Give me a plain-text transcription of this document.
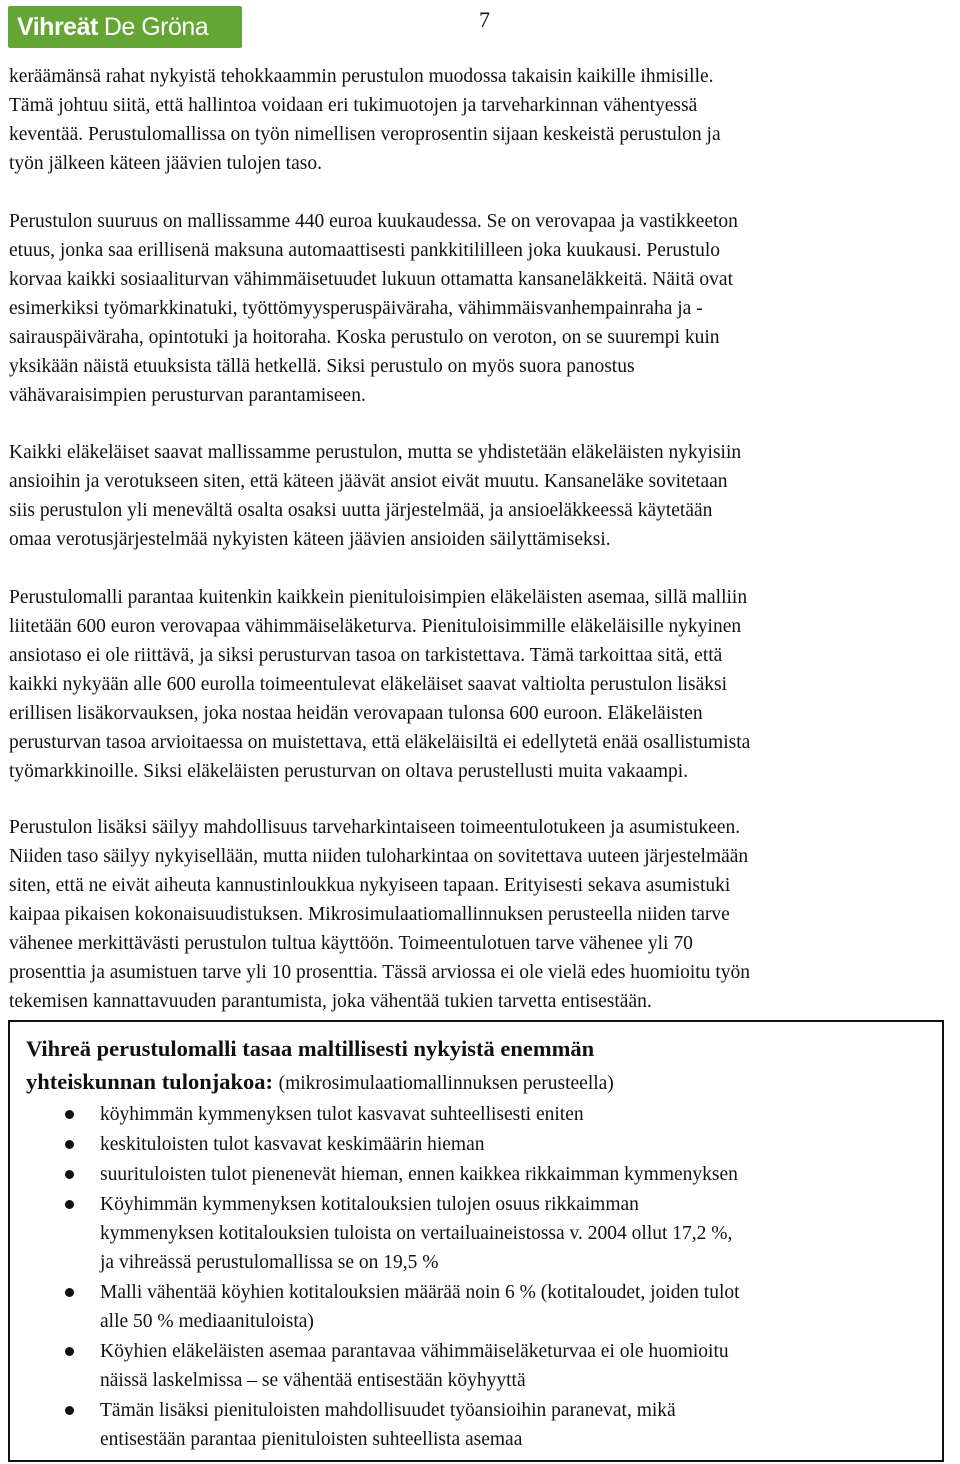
Vihreät De Gröna	7

keräämänsä rahat nykyistä tehokkaammin perustulon muodossa takaisin kaikille ihmisille.
Tämä johtuu siitä, että hallintoa voidaan eri tukimuotojen ja tarveharkinnan vähentyessä
keventää. Perustulomallissa on työn nimellisen veroprosentin sijaan keskeistä perustulon ja
työn jälkeen käteen jäävien tulojen taso.

Perustulon suuruus on mallissamme 440 euroa kuukaudessa. Se on verovapaa ja vastikkeeton
etuus, jonka saa erillisenä maksuna automaattisesti pankkitililleen joka kuukausi. Perustulo
korvaa kaikki sosiaaliturvan vähimmäisetuudet lukuun ottamatta kansaneläkkeitä. Näitä ovat
esimerkiksi työmarkkinatuki, työttömyysperuspäiväraha, vähimmäisvanhempainraha ja -
sairauspäiväraha, opintotuki ja hoitoraha. Koska perustulo on veroton, on se suurempi kuin
yksikään näistä etuuksista tällä hetkellä. Siksi perustulo on myös suora panostus
vähävaraisimpien perusturvan parantamiseen.

Kaikki eläkeläiset saavat mallissamme perustulon, mutta se yhdistetään eläkeläisten nykyisiin
ansioihin ja verotukseen siten, että käteen jäävät ansiot eivät muutu. Kansaneläke sovitetaan
siis perustulon yli menevältä osalta osaksi uutta järjestelmää, ja ansioeläkkeessä käytetään
omaa verotusjärjestelmää nykyisten käteen jäävien ansioiden säilyttämiseksi.

Perustulomalli parantaa kuitenkin kaikkein pienituloisimpien eläkeläisten asemaa, sillä malliin
liitetään 600 euron verovapaa vähimmäiseläketurva. Pienituloisimmille eläkeläisille nykyinen
ansiotaso ei ole riittävä, ja siksi perusturvan tasoa on tarkistettava. Tämä tarkoittaa sitä, että
kaikki nykyään alle 600 eurolla toimeentulevat eläkeläiset saavat valtiolta perustulon lisäksi
erillisen lisäkorvauksen, joka nostaa heidän verovapaan tulonsa 600 euroon. Eläkeläisten
perusturvan tasoa arvioitaessa on muistettava, että eläkeläisiltä ei edellytetä enää osallistumista
työmarkkinoille. Siksi eläkeläisten perusturvan on oltava perustellusti muita vakaampi.

Perustulon lisäksi säilyy mahdollisuus tarveharkintaiseen toimeentulotukeen ja asumistukeen.
Niiden taso säilyy nykyisellään, mutta niiden tuloharkintaa on sovitettava uuteen järjestelmään
siten, että ne eivät aiheuta kannustinloukkua nykyiseen tapaan. Erityisesti sekava asumistuki
kaipaa pikaisen kokonaisuudistuksen. Mikrosimulaatiomallinnuksen perusteella niiden tarve
vähenee merkittävästi perustulon tultua käyttöön. Toimeentulotuen tarve vähenee yli 70
prosenttia ja asumistuen tarve yli 10 prosenttia. Tässä arviossa ei ole vielä edes huomioitu työn
tekemisen kannattavuuden parantumista, joka vähentää tukien tarvetta entisestään.

Vihreä perustulomalli tasaa maltillisesti nykyistä enemmän
yhteiskunnan tulonjakoa: (mikrosimulaatiomallinnuksen perusteella)
köyhimmän kymmenyksen tulot kasvavat suhteellisesti eniten
keskituloisten tulot kasvavat keskimäärin hieman
suurituloisten tulot pienenevät hieman, ennen kaikkea rikkaimman kymmenyksen
Köyhimmän kymmenyksen kotitalouksien tulojen osuus rikkaimman
kymmenyksen kotitalouksien tuloista on vertailuaineistossa v. 2004 ollut 17,2 %,
ja vihreässä perustulomallissa se on 19,5 %
Malli vähentää köyhien kotitalouksien määrää noin 6 % (kotitaloudet, joiden tulot
alle 50 % mediaanituloista)
Köyhien eläkeläisten asemaa parantavaa vähimmäiseläketurvaa ei ole huomioitu
näissä laskelmissa – se vähentää entisestään köyhyyttä
Tämän lisäksi pienituloisten mahdollisuudet työansioihin paranevat, mikä
entisestään parantaa pienituloisten suhteellista asemaa
